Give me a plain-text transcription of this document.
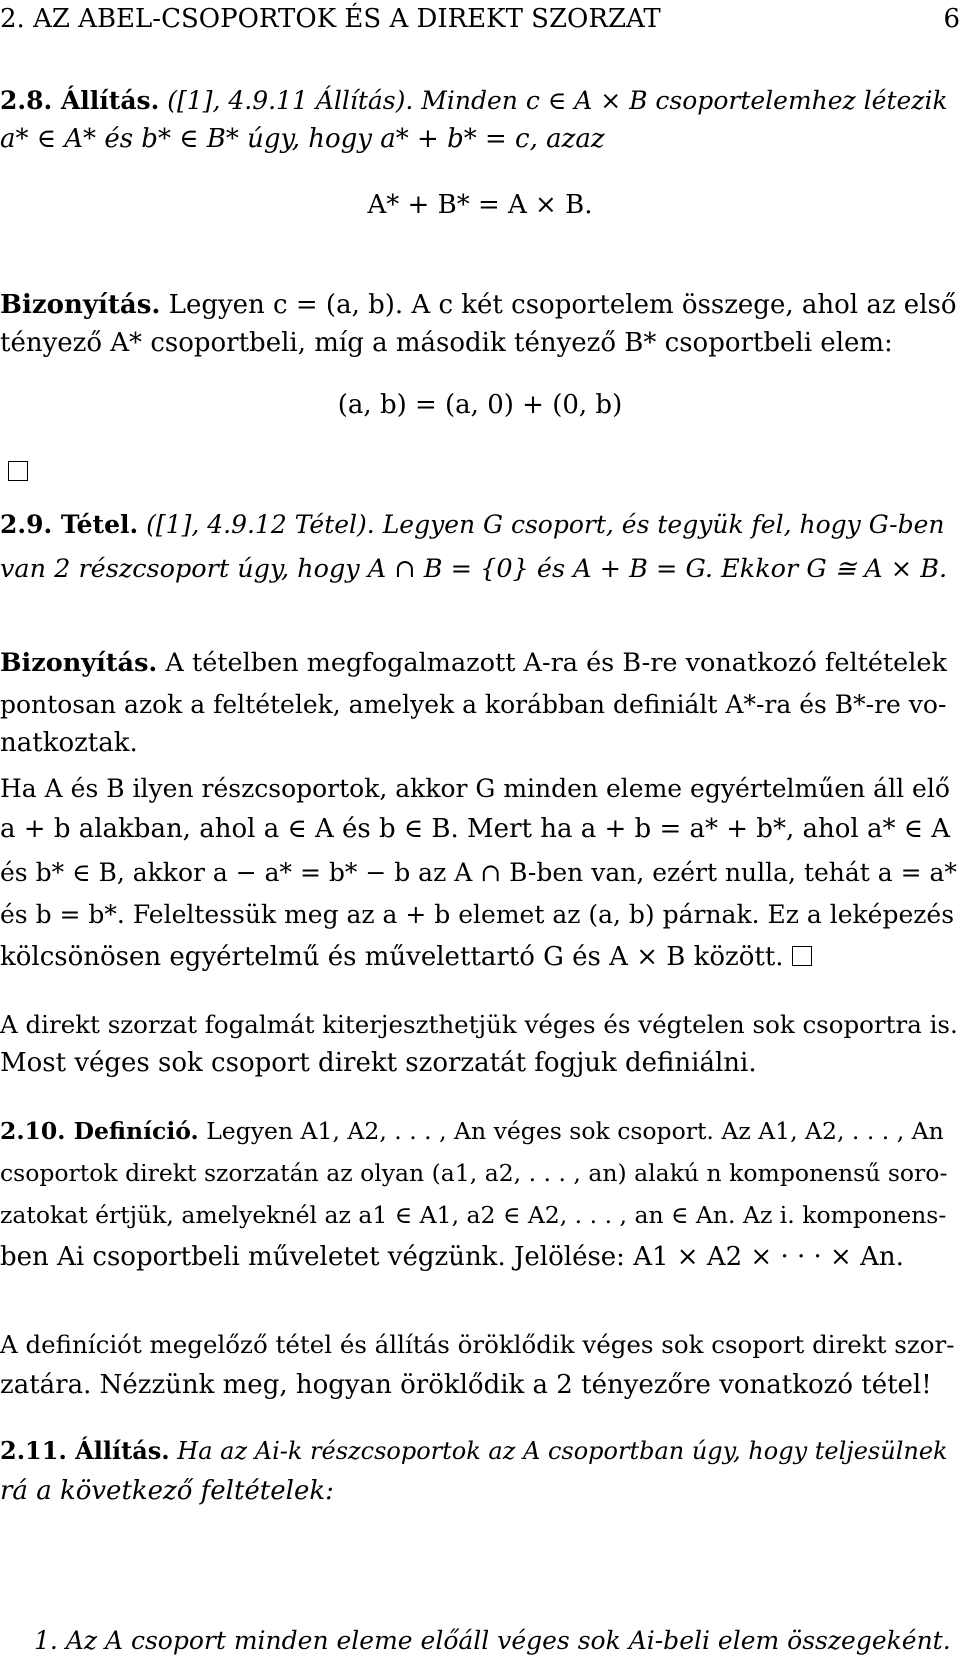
2. AZ ABEL-CSOPORTOK ÉS A DIREKT SZORZAT	6
2.8. Állítás. ([1], 4.9.11 Állítás). Minden c ∈ A × B csoportelemhez létezik
a* ∈ A* és b* ∈ B* úgy, hogy a* + b* = c, azaz
A* + B* = A × B.
Bizonyítás. Legyen c = (a, b). A c két csoportelem összege, ahol az első
tényező A* csoportbeli, míg a második tényező B* csoportbeli elem:
(a, b) = (a, 0) + (0, b)
2.9. Tétel. ([1], 4.9.12 Tétel). Legyen G csoport, és tegyük fel, hogy G-ben
van 2 részcsoport úgy, hogy A ∩ B = {0} és A + B = G. Ekkor G ≅ A × B.
Bizonyítás. A tételben megfogalmazott A-ra és B-re vonatkozó feltételek
pontosan azok a feltételek, amelyek a korábban definiált A*-ra és B*-re vo-
natkoztak.
Ha A és B ilyen részcsoportok, akkor G minden eleme egyértelműen áll elő
a + b alakban, ahol a ∈ A és b ∈ B. Mert ha a + b = a* + b*, ahol a* ∈ A
és b* ∈ B, akkor a − a* = b* − b az A ∩ B-ben van, ezért nulla, tehát a = a*
és b = b*. Feleltessük meg az a + b elemet az (a, b) párnak. Ez a leképezés
kölcsönösen egyértelmű és művelettartó G és A × B között.
A direkt szorzat fogalmát kiterjeszthetjük véges és végtelen sok csoportra is.
Most véges sok csoport direkt szorzatát fogjuk definiálni.
2.10. Definíció. Legyen A1, A2, . . . , An véges sok csoport. Az A1, A2, . . . , An
csoportok direkt szorzatán az olyan (a1, a2, . . . , an) alakú n komponensű soro-
zatokat értjük, amelyeknél az a1 ∈ A1, a2 ∈ A2, . . . , an ∈ An. Az i. komponens-
ben Ai csoportbeli műveletet végzünk. Jelölése: A1 × A2 × · · · × An.
A definíciót megelőző tétel és állítás öröklődik véges sok csoport direkt szor-
zatára. Nézzünk meg, hogyan öröklődik a 2 tényezőre vonatkozó tétel!
2.11. Állítás. Ha az Ai-k részcsoportok az A csoportban úgy, hogy teljesülnek
rá a következő feltételek:
1. Az A csoport minden eleme előáll véges sok Ai-beli elem összegeként.
